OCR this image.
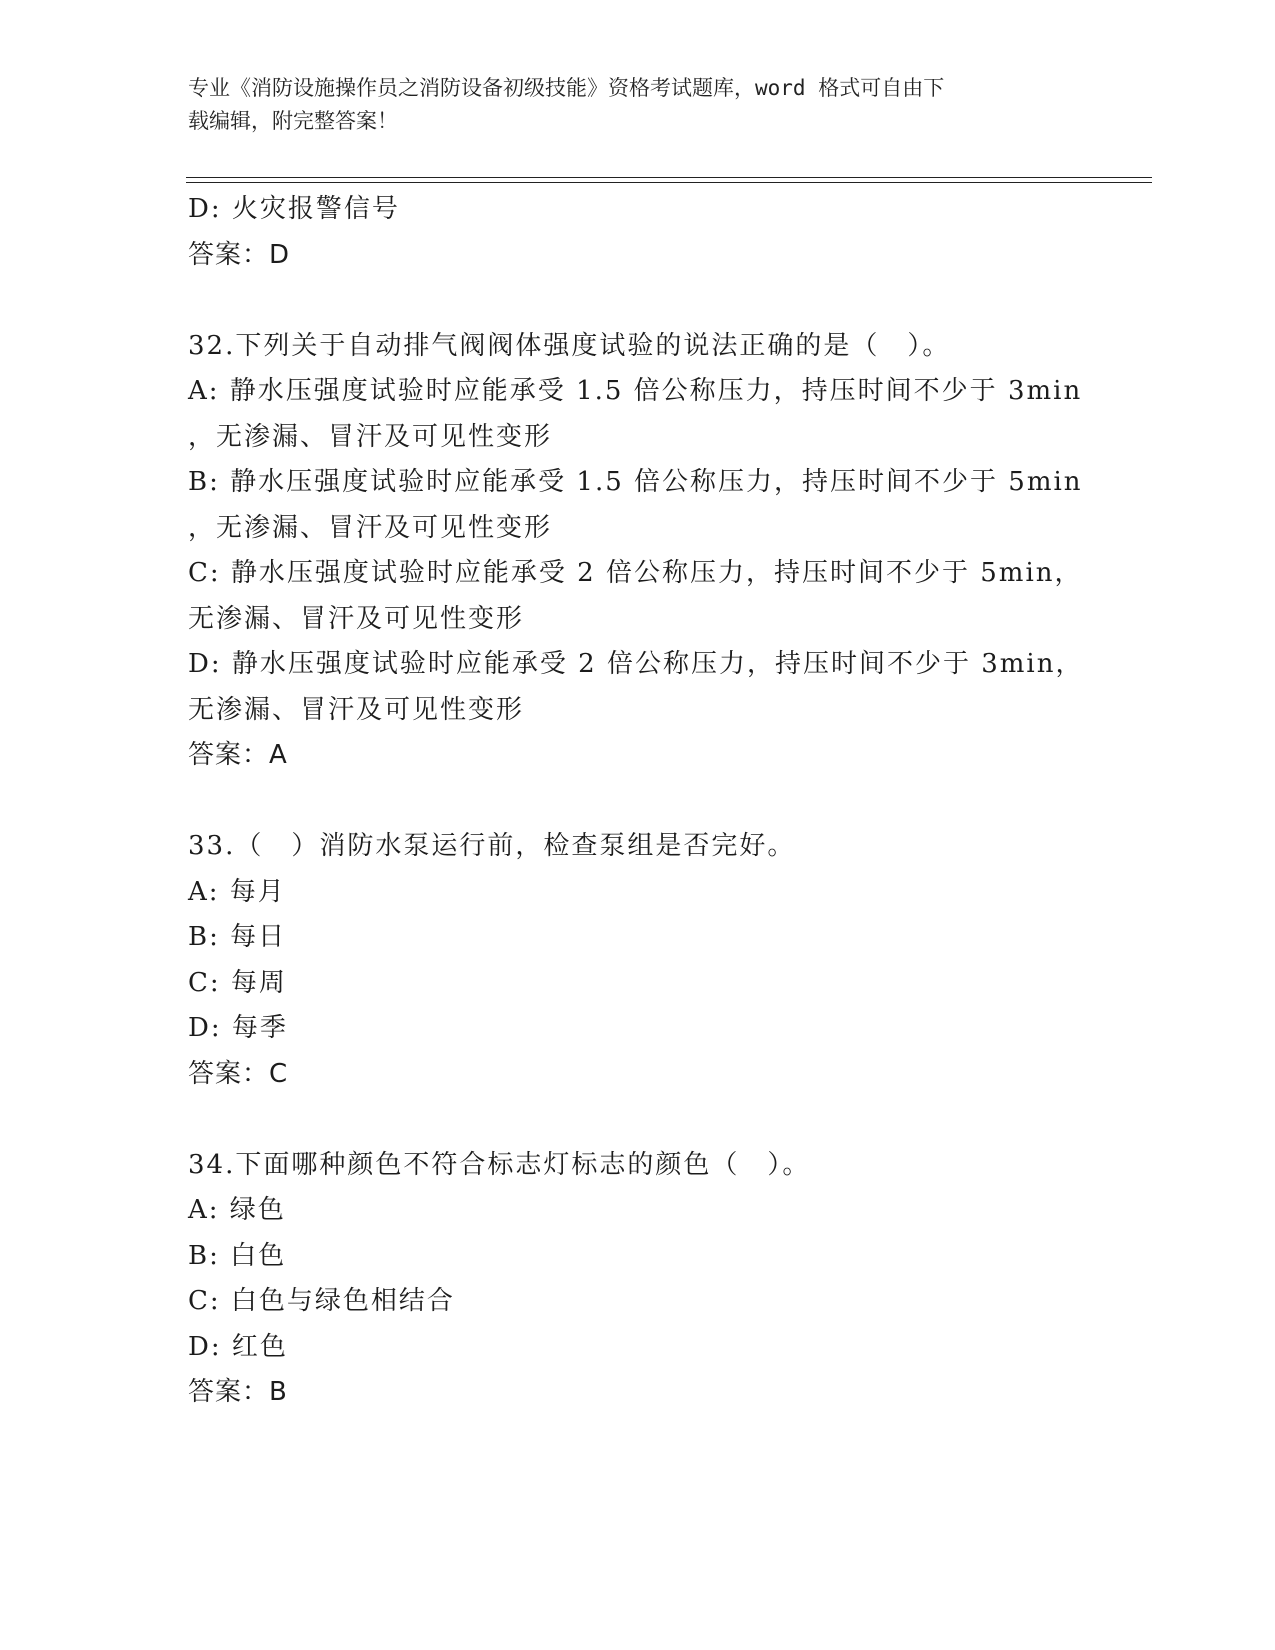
专业《消防设施操作员之消防设备初级技能》资格考试题库，word 格式可自由下
载编辑，附完整答案！
D: 火灾报警信号
答案：D
32.下列关于自动排气阀阀体强度试验的说法正确的是（　）。
A: 静水压强度试验时应能承受 1.5 倍公称压力，持压时间不少于 3min
，无渗漏、冒汗及可见性变形
B: 静水压强度试验时应能承受 1.5 倍公称压力，持压时间不少于 5min
，无渗漏、冒汗及可见性变形
C: 静水压强度试验时应能承受 2 倍公称压力，持压时间不少于 5min，
无渗漏、冒汗及可见性变形
D: 静水压强度试验时应能承受 2 倍公称压力，持压时间不少于 3min，
无渗漏、冒汗及可见性变形
答案：A
33.（　）消防水泵运行前，检查泵组是否完好。
A: 每月
B: 每日
C: 每周
D: 每季
答案：C
34.下面哪种颜色不符合标志灯标志的颜色（　）。
A: 绿色
B: 白色
C: 白色与绿色相结合
D: 红色
答案：B
